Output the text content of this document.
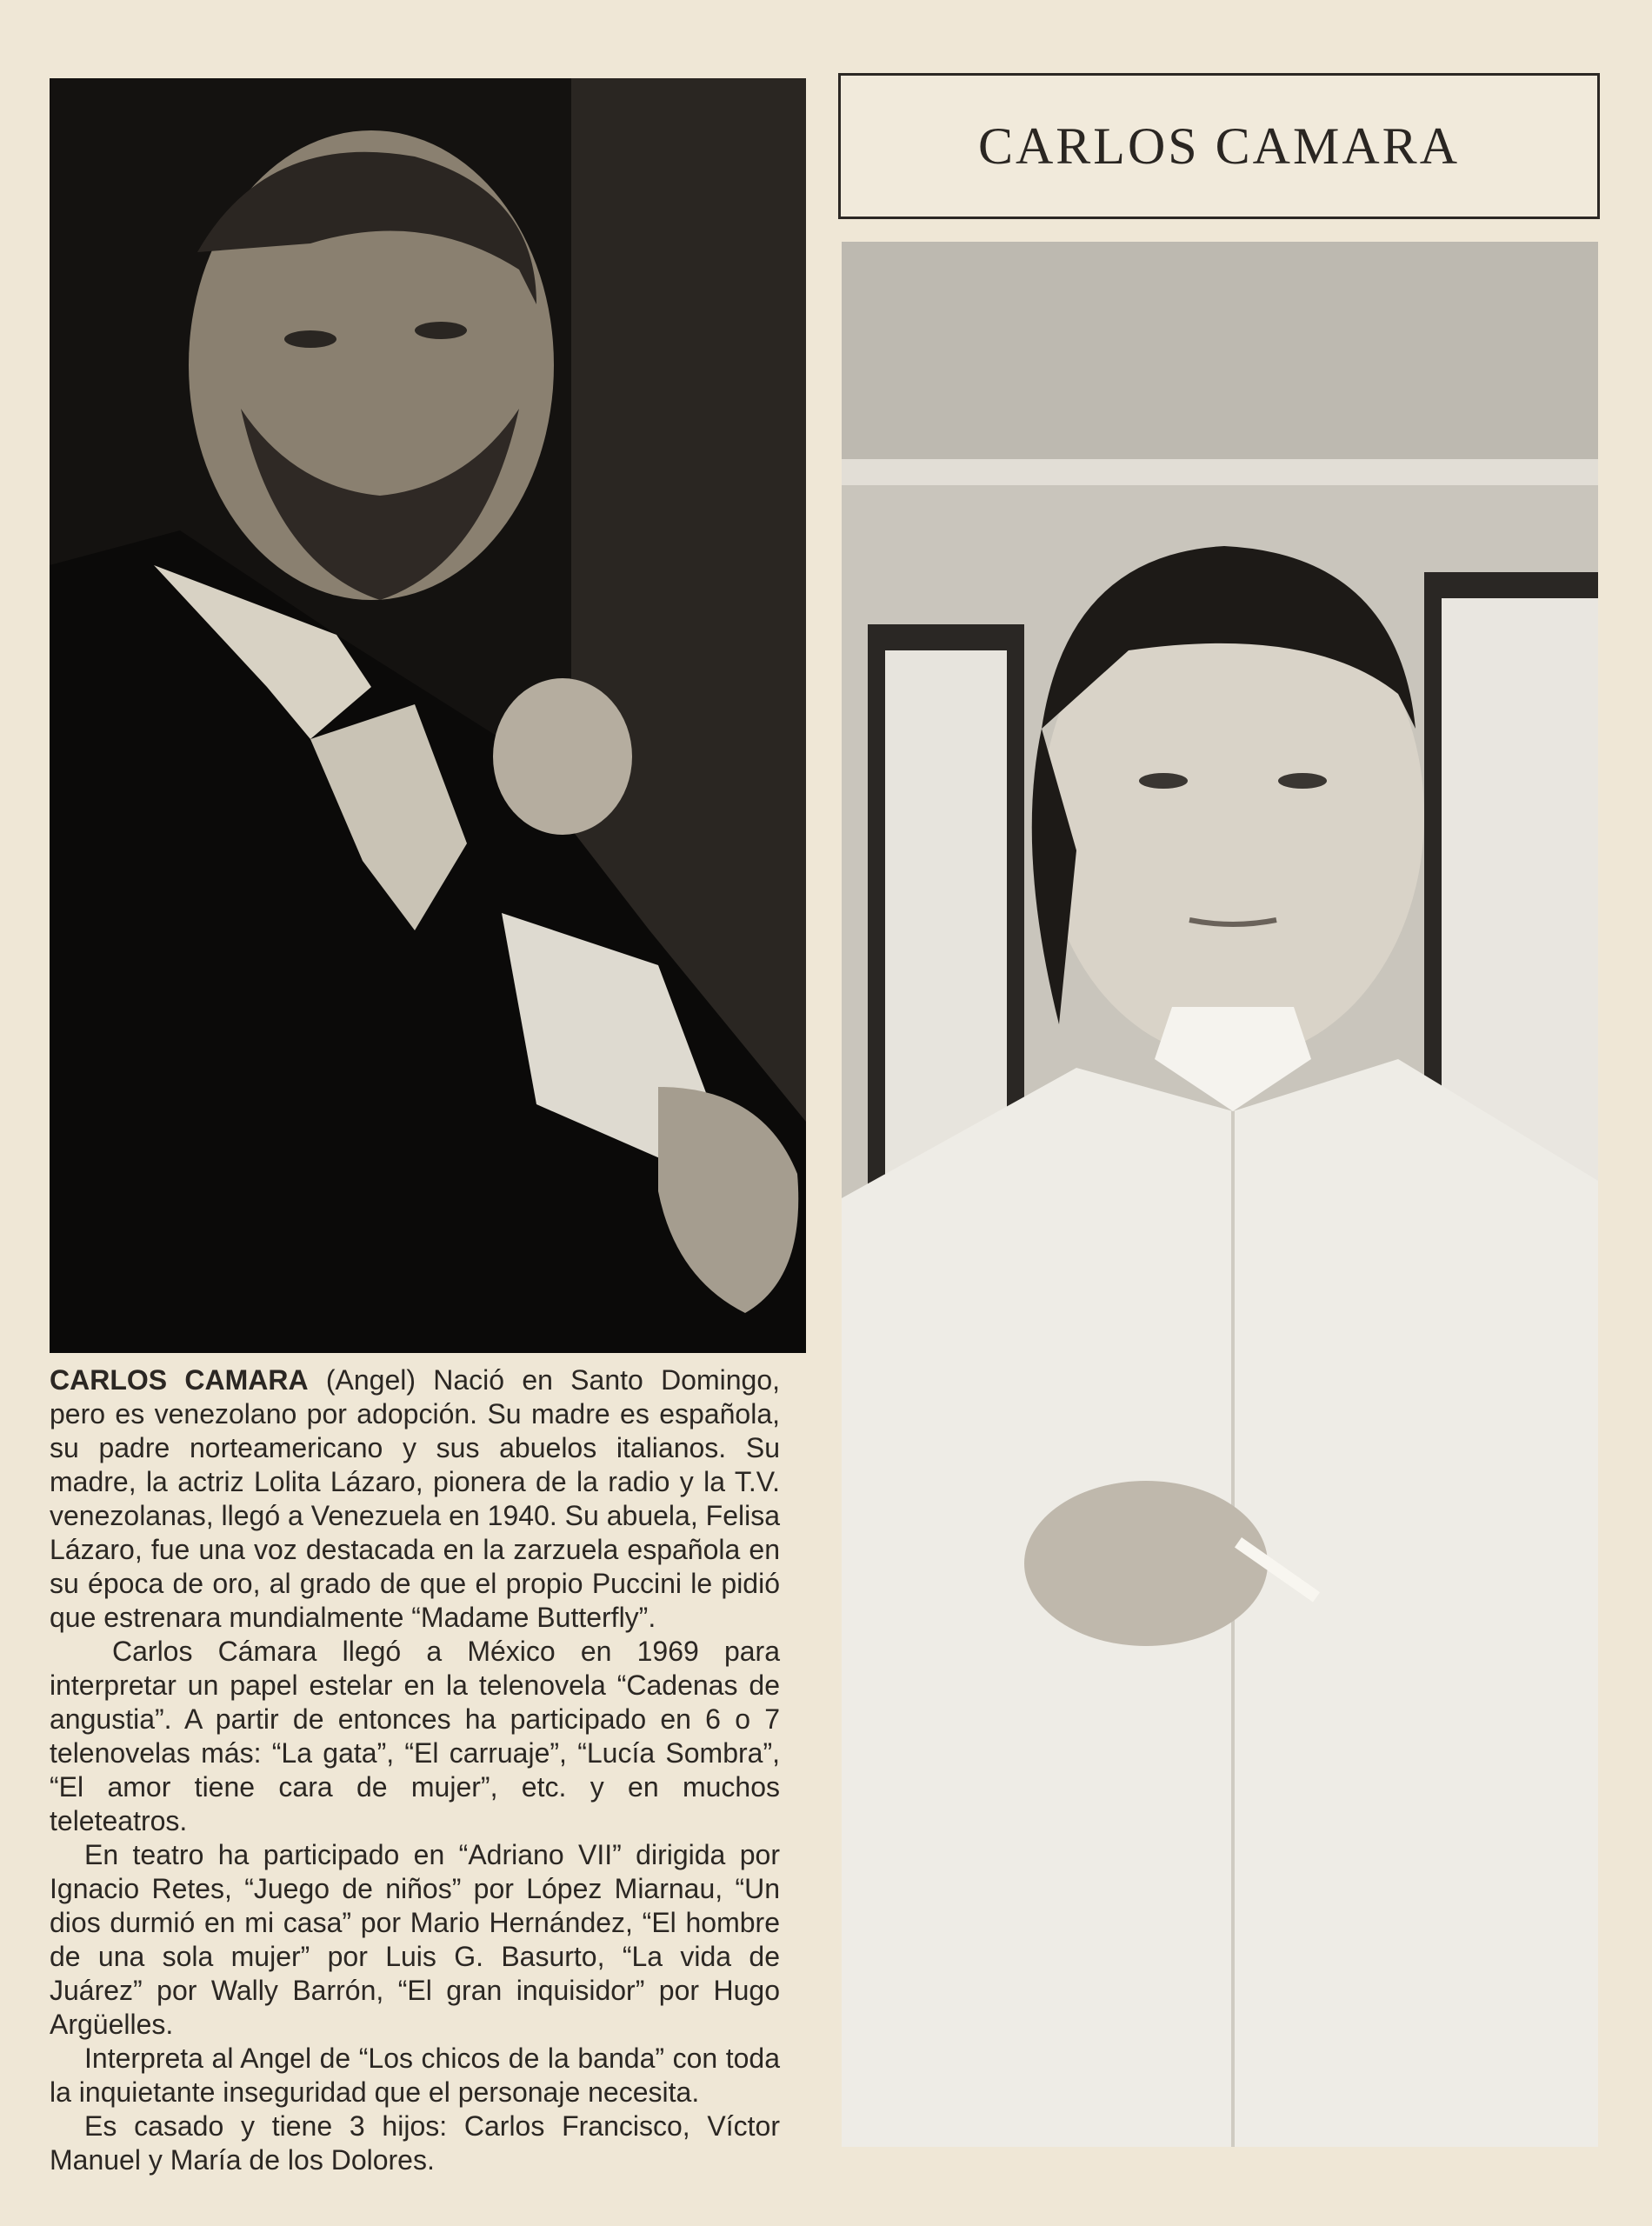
CARLOS CAMARA

CARLOS CAMARA (Angel) Nació en Santo Domingo, pero es venezolano por adopción. Su madre es española, su padre norteamericano y sus abuelos italianos. Su madre, la actriz Lolita Lázaro, pionera de la radio y la T.V. venezolanas, llegó a Venezuela en 1940. Su abuela, Felisa Lázaro, fue una voz destacada en la zarzuela española en su época de oro, al grado de que el propio Puccini le pidió que estrenara mundialmente “Madame Butterfly”.

Carlos Cámara llegó a México en 1969 para interpretar un papel estelar en la telenovela “Cadenas de angustia”. A partir de entonces ha participado en 6 o 7 telenovelas más: “La gata”, “El carruaje”, “Lucía Sombra”, “El amor tiene cara de mujer”, etc. y en muchos teleteatros.

En teatro ha participado en “Adriano VII” dirigida por Ignacio Retes, “Juego de niños” por López Miarnau, “Un dios durmió en mi casa” por Mario Hernández, “El hombre de una sola mujer” por Luis G. Basurto, “La vida de Juárez” por Wally Barrón, “El gran inquisidor” por Hugo Argüelles.

Interpreta al Angel de “Los chicos de la banda” con toda la inquietante inseguridad que el personaje necesita.

Es casado y tiene 3 hijos: Carlos Francisco, Víctor Manuel y María de los Dolores.
